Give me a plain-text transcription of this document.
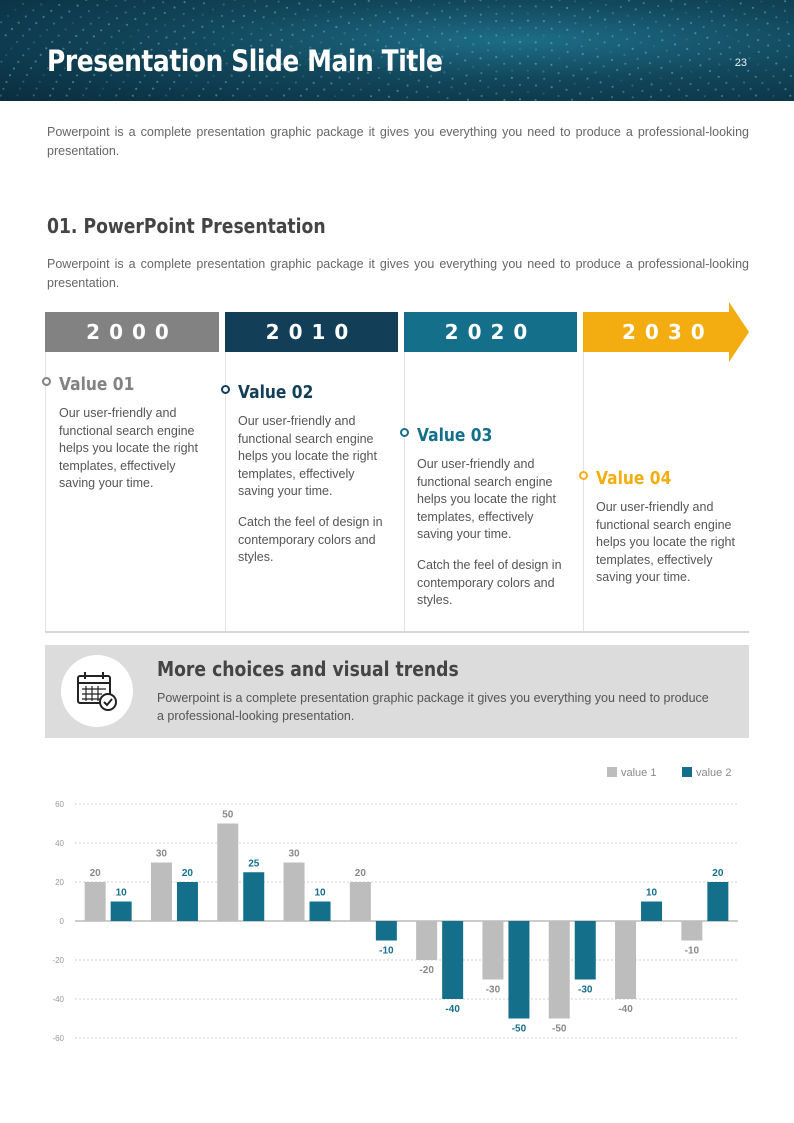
Presentation Slide Main Title	23
Powerpoint is a complete presentation graphic package it gives you everything you need to produce a professional-looking presentation.
01. PowerPoint Presentation
Powerpoint is a complete presentation graphic package it gives you everything you need to produce a professional-looking presentation.
2000	2010	2020	2030 -
Value 01

Our user-friendly and functional search engine helps you locate the right templates, effectively saving your time.

Value 02

Our user-friendly and functional search engine helps you locate the right templates, effectively saving your time.

Catch the feel of design in contemporary colors and styles.

Value 03

Our user-friendly and functional search engine helps you locate the right templates, effectively saving your time.

Catch the feel of design in contemporary colors and styles.

Value 04

Our user-friendly and functional search engine helps you locate the right templates, effectively saving your time.

More choices and visual trends
Powerpoint is a complete presentation graphic package it gives you everything you need to produce a professional-looking presentation.
value 1	value 2
60
40
20
0
-20
-40
-60
20
10
30
20
50
25
30
10
20
-10
-20
-40
-30
-50	-50
-30
-40
10
-10
20
